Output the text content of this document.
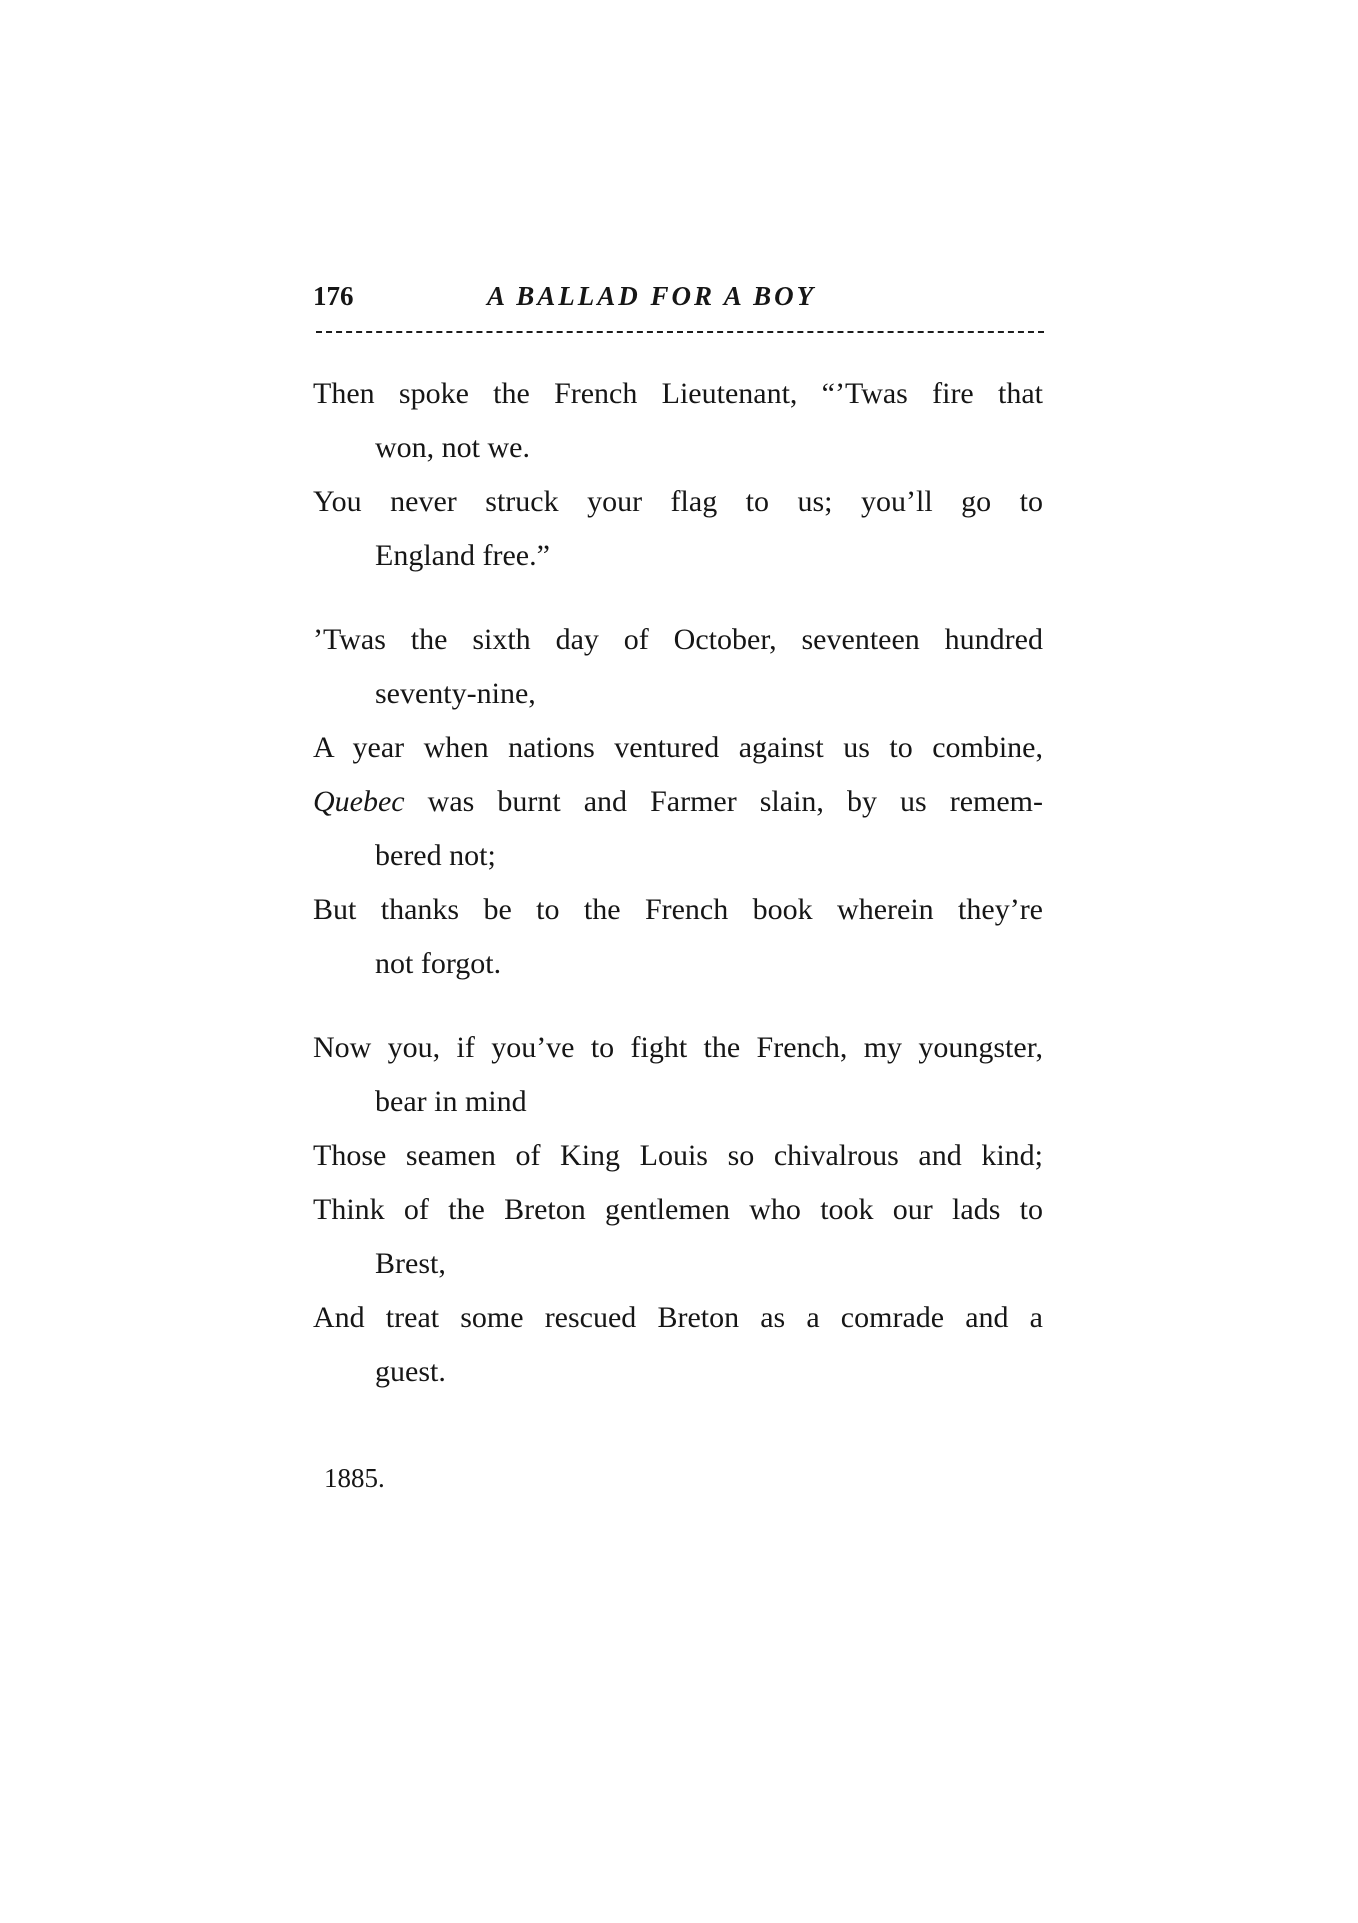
176	A BALLAD FOR A BOY
Then spoke the French Lieutenant, “’Twas fire that
won, not we.
You never struck your flag to us; you’ll go to
England free.”
’Twas the sixth day of October, seventeen hundred
seventy-nine,
A year when nations ventured against us to combine,
Quebec was burnt and Farmer slain, by us remem-
bered not;
But thanks be to the French book wherein they’re
not forgot.
Now you, if you’ve to fight the French, my youngster,
bear in mind
Those seamen of King Louis so chivalrous and kind;
Think of the Breton gentlemen who took our lads to
Brest,
And treat some rescued Breton as a comrade and a
guest.
1885.
